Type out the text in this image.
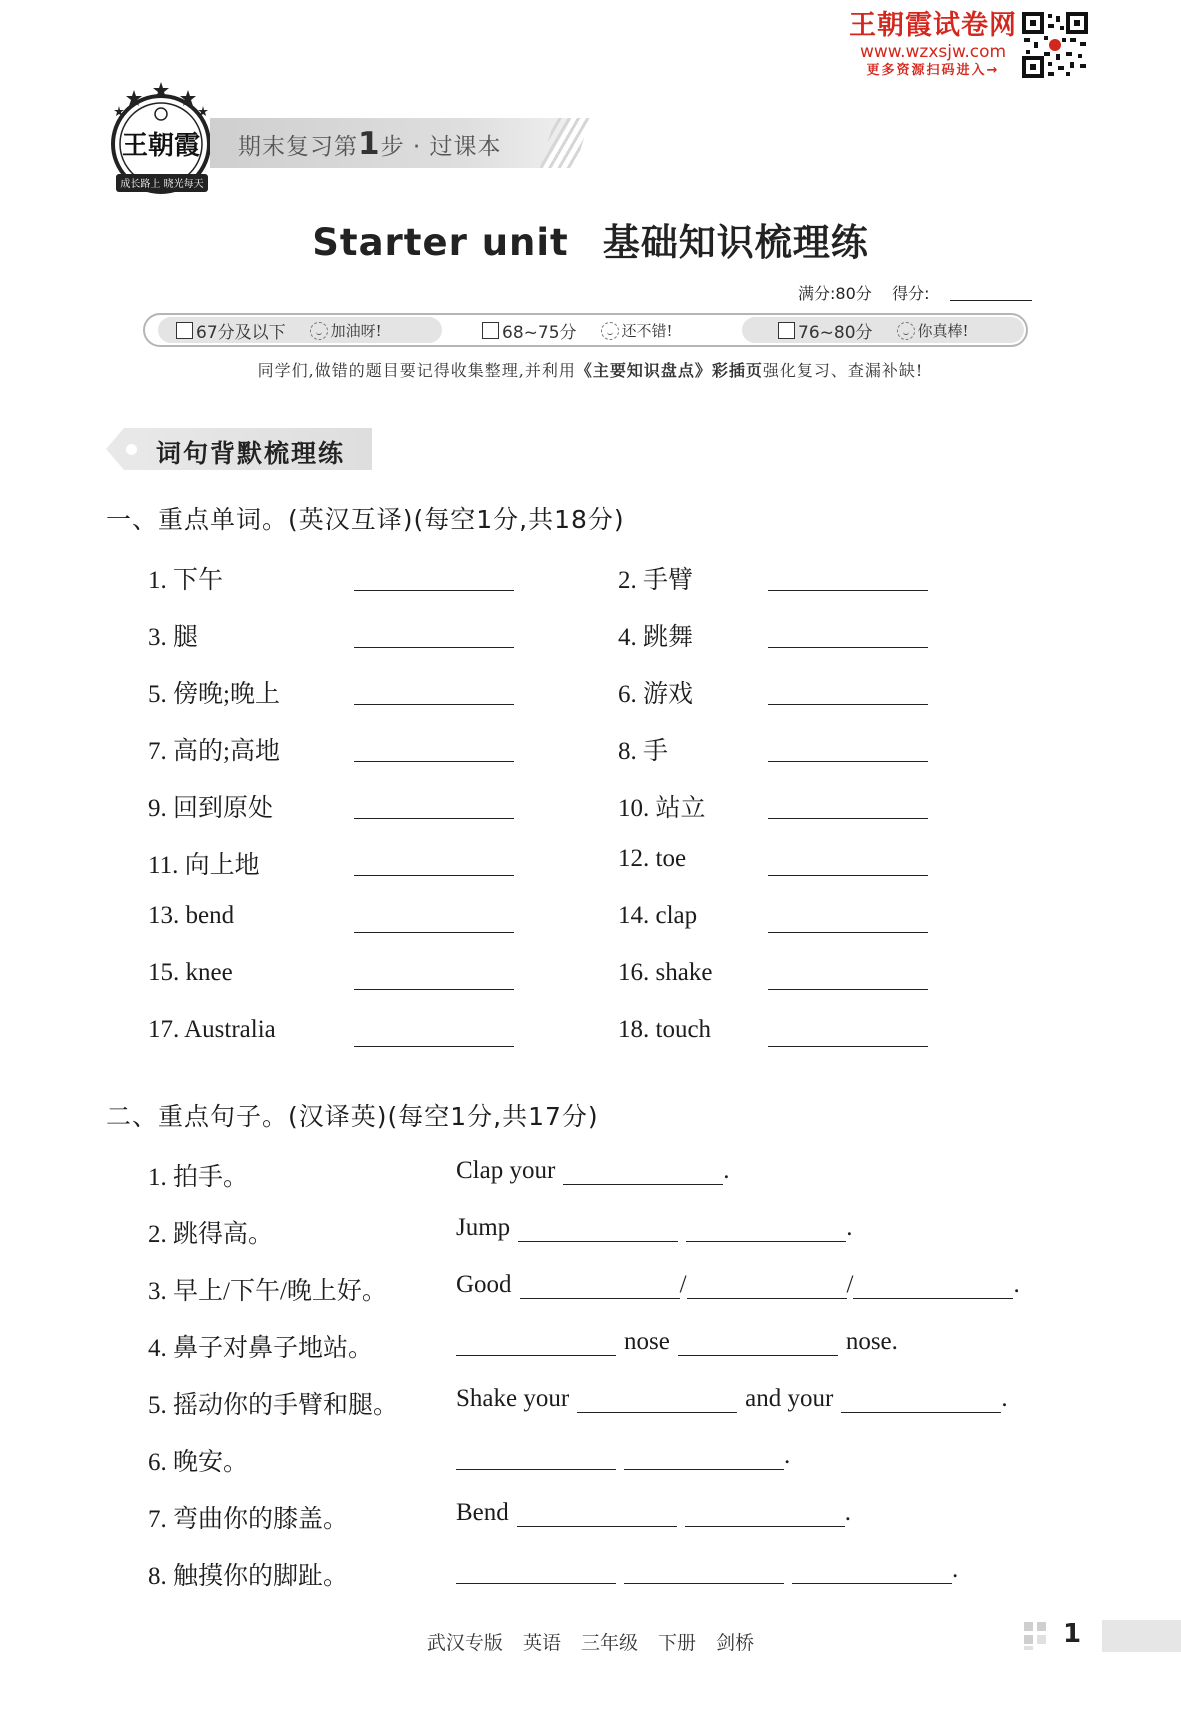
王朝霞试卷网
www.wzxsjw.com
更多资源扫码进入→
王朝霞
成长路上 晓光每天
期末复习第1步 · 过课本
Starter unit 基础知识梳理练
满分:80分 得分:
67分及以下	加油呀!	68~75分	还不错!	76~80分	你真棒!
同学们,做错的题目要记得收集整理,并利用《主要知识盘点》彩插页强化复习、查漏补缺!
词句背默梳理练
一、重点单词。(英汉互译)(每空1分,共18分)
1. 下午	2. 手臂
3. 腿	4. 跳舞
5. 傍晚;晚上	6. 游戏
7. 高的;高地	8. 手
9. 回到原处	10. 站立
11. 向上地	12. toe
13. bend	14. clap
15. knee	16. shake
17. Australia	18. touch
二、重点句子。(汉译英)(每空1分,共17分)
1. 拍手。	Clap your	.
2. 跳得高。	Jump	.
3. 早上/下午/晚上好。	Good	/	/	.
4. 鼻子对鼻子地站。	nose	nose.
5. 摇动你的手臂和腿。 Shake your	and your	.
6. 晚安。	.
7. 弯曲你的膝盖。	Bend	.
8. 触摸你的脚趾。	.
武汉专版 英语 三年级 下册 剑桥	1
